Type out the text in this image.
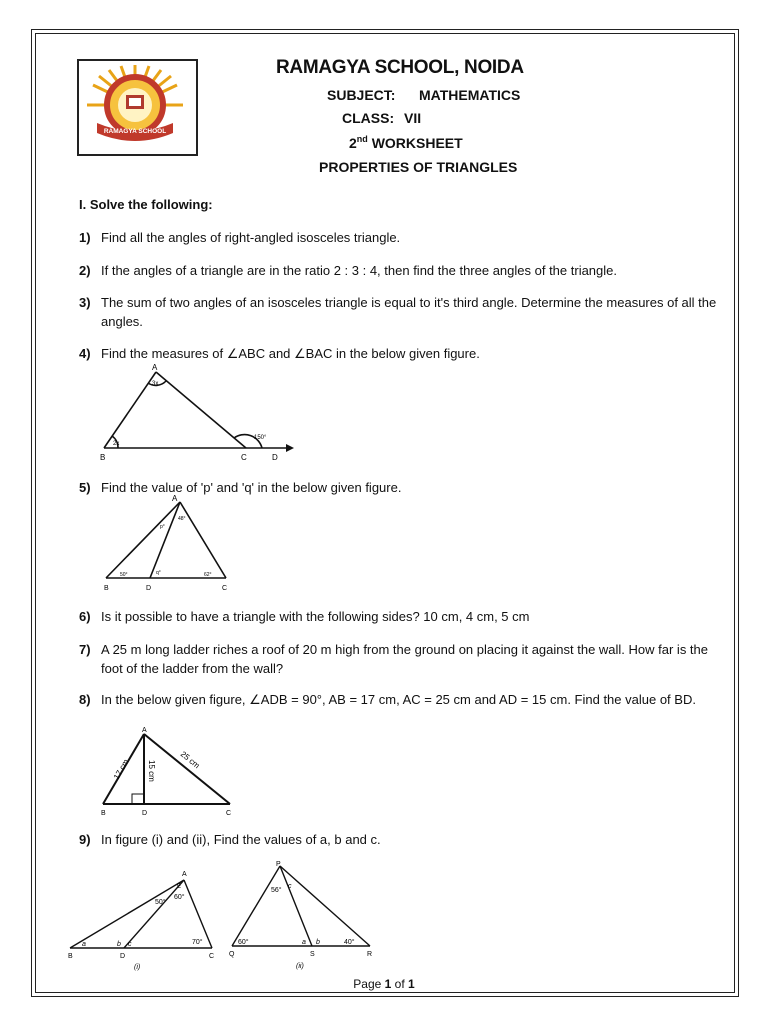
RAMAGYA SCHOOL
RAMAGYA SCHOOL, NOIDA
SUBJECT: MATHEMATICS
CLASS: VII
2nd WORKSHEET
PROPERTIES OF TRIANGLES
I. Solve the following:
1) Find all the angles of right-angled isosceles triangle.
2) If the angles of a triangle are in the ratio 2 : 3 : 4, then find the three angles of the triangle.
3) The sum of two angles of an isosceles triangle is equal to it's third angle. Determine the measures of all the angles.
4) Find the measures of ∠ABC and ∠BAC in the below given figure.
5) Find the value of 'p' and 'q' in the below given figure.
6) Is it possible to have a triangle with the following sides? 10 cm, 4 cm, 5 cm
7) A 25 m long ladder riches a roof of 20 m high from the ground on placing it against the wall. How far is the foot of the ladder from the wall?
8) In the below given figure, ∠ADB = 90°, AB = 17 cm, AC = 25 cm and AD = 15 cm. Find the value of BD.
9) In figure (i) and (ii), Find the values of a, b and c.
A
B	C	D
3x
2x
150°
A
B	D	C
p°
48°
50°	q°	62°
A
B	D	C
17 cm 15 cm
25 cm
A
E
B	D	C
a	b c
50°
60°
70°
(i)
P
Q	S	R
56°
c
60°	a b	40°
(ii)
Page 1 of 1
